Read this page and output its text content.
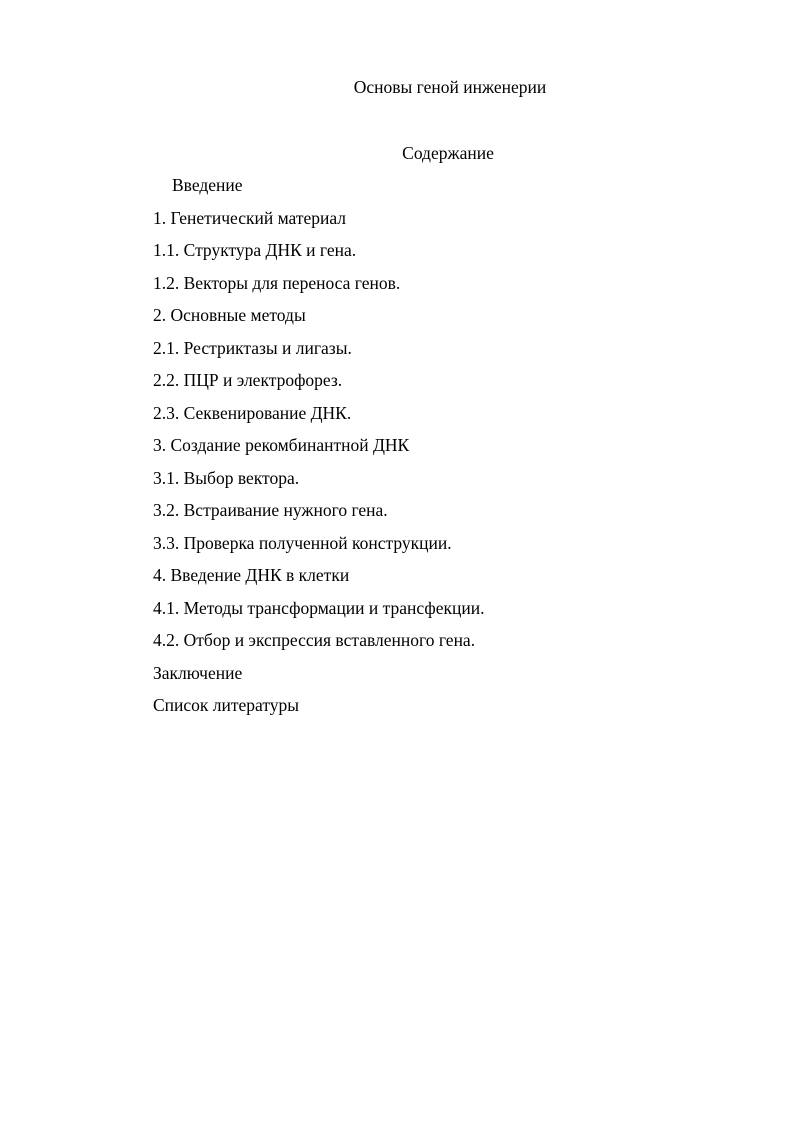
Основы геной инженерии
Содержание
Введение
1. Генетический материал
1.1. Структура ДНК и гена.
1.2. Векторы для переноса генов.
2. Основные методы
2.1. Рестриктазы и лигазы.
2.2. ПЦР и электрофорез.
2.3. Секвенирование ДНК.
3. Создание рекомбинантной ДНК
3.1. Выбор вектора.
3.2. Встраивание нужного гена.
3.3. Проверка полученной конструкции.
4. Введение ДНК в клетки
4.1. Методы трансформации и трансфекции.
4.2. Отбор и экспрессия вставленного гена.
Заключение
Список литературы
